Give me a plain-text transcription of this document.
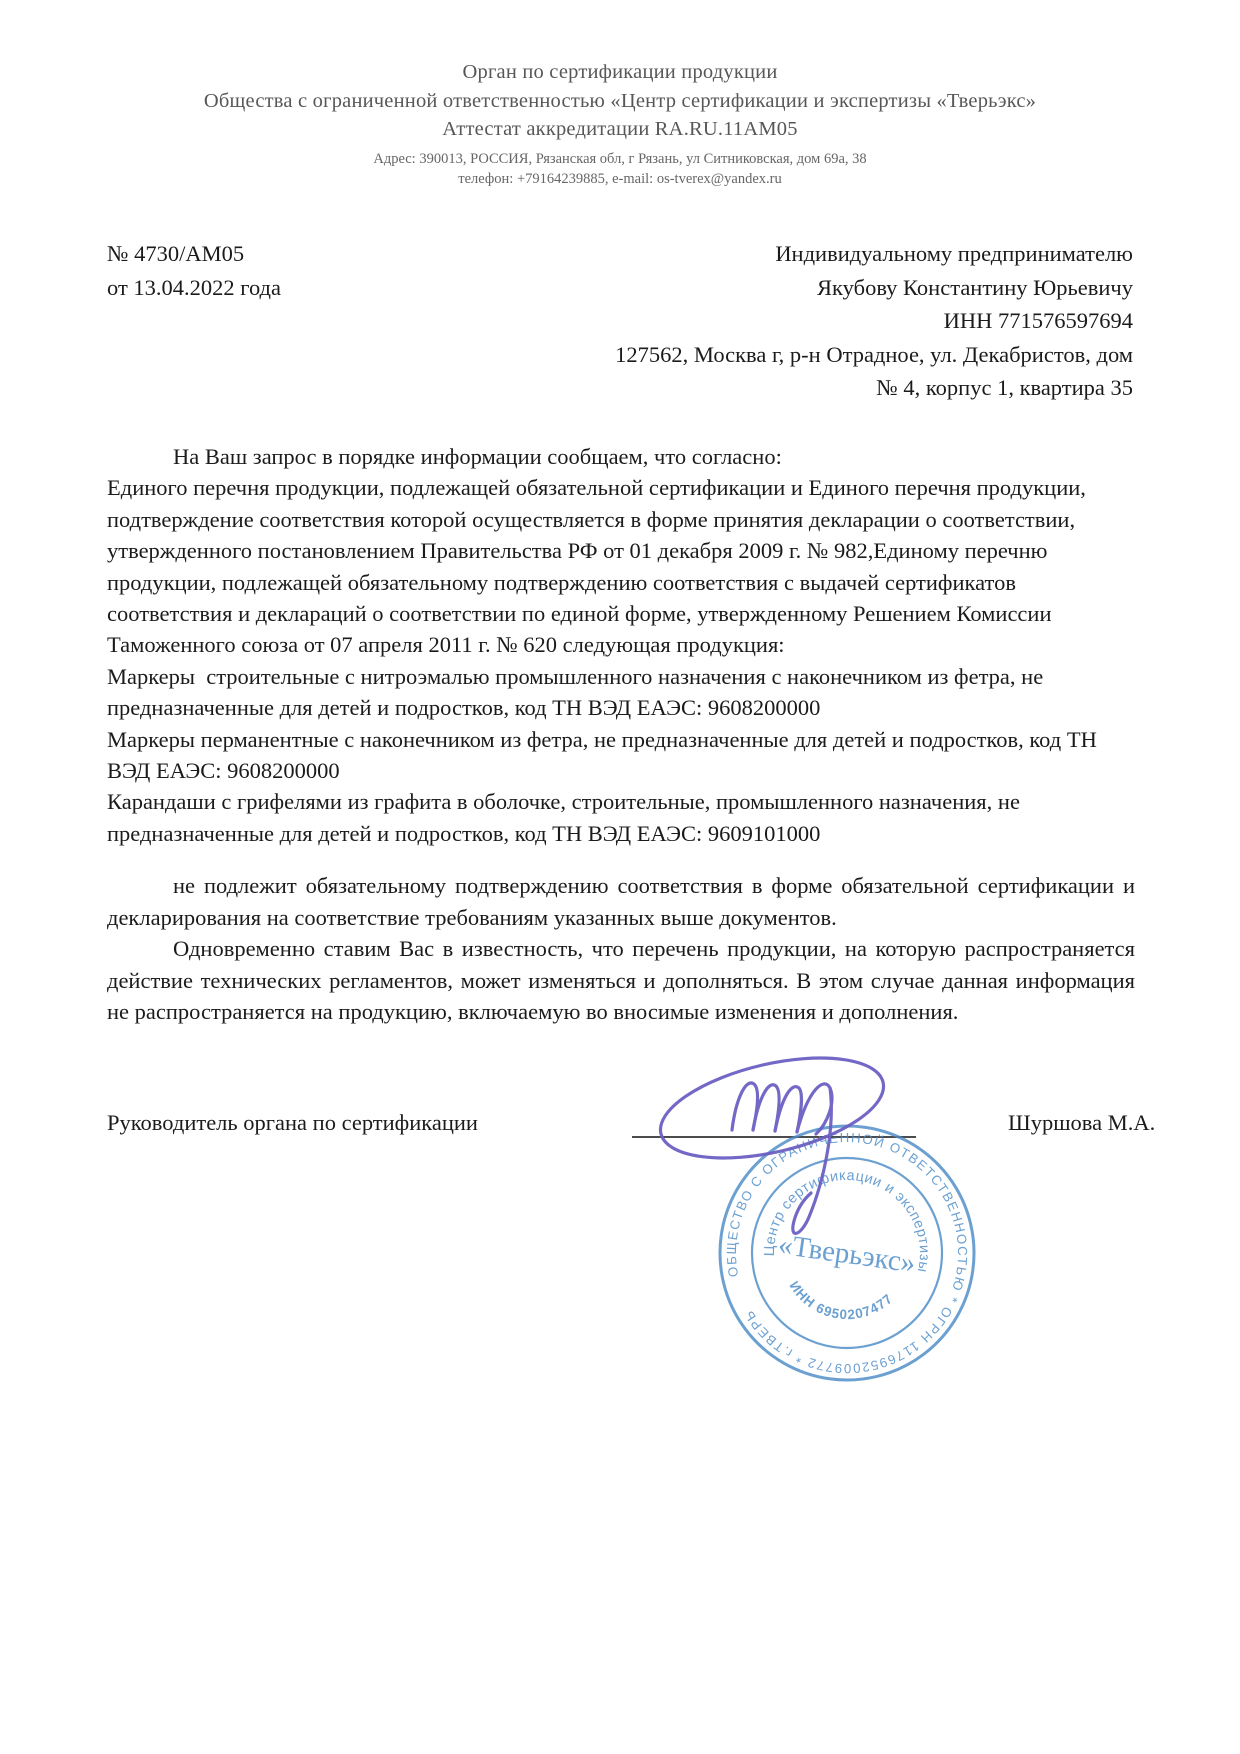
Орган по сертификации продукции
Общества с ограниченной ответственностью «Центр сертификации и экспертизы «Тверьэкс»
Аттестат аккредитации RA.RU.11АМ05
Адрес: 390013, РОССИЯ, Рязанская обл, г Рязань, ул Ситниковская, дом 69а, 38
телефон: +79164239885, e-mail: os-tverex@yandex.ru
№ 4730/АМ05
от 13.04.2022 года
Индивидуальному предпринимателю
Якубову Константину Юрьевичу
ИНН 771576597694
127562, Москва г, р-н Отрадное, ул. Декабристов, дом
№ 4, корпус 1, квартира 35

На Ваш запрос в порядке информации сообщаем, что согласно:

Единого перечня продукции, подлежащей обязательной сертификации и Единого перечня продукции, подтверждение соответствия которой осуществляется в форме принятия декларации о соответствии, утвержденного постановлением Правительства РФ от 01 декабря 2009 г. № 982,Единому перечню продукции, подлежащей обязательному подтверждению соответствия с выдачей сертификатов соответствия и деклараций о соответствии по единой форме, утвержденному Решением Комиссии Таможенного союза от 07 апреля 2011 г. № 620 следующая продукция:

Маркеры  строительные с нитроэмалью промышленного назначения с наконечником из фетра, не предназначенные для детей и подростков, код ТН ВЭД ЕАЭС: 9608200000

Маркеры перманентные с наконечником из фетра, не предназначенные для детей и подростков, код ТН ВЭД ЕАЭС: 9608200000

Карандаши с грифелями из графита в оболочке, строительные, промышленного назначения, не предназначенные для детей и подростков, код ТН ВЭД ЕАЭС: 9609101000

не подлежит обязательному подтверждению соответствия в форме обязательной сертификации и декларирования на соответствие требованиям указанных выше документов.

Одновременно ставим Вас в известность, что перечень продукции, на которую распространяется действие технических регламентов, может изменяться и дополняться. В этом случае данная информация не распространяется на продукцию, включаемую во вносимые изменения и дополнения.

Руководитель органа по сертификации	Шуршова М.А.
ОБЩЕСТВО С ОГРАНИЧЕННОЙ ОТВЕТСТВЕННОСТЬЮ * ОГРН 1176952009772 * г.ТВЕРЬ
Центр сертификации и экспертизы
ИНН 6950207477
«Тверьэкс»
